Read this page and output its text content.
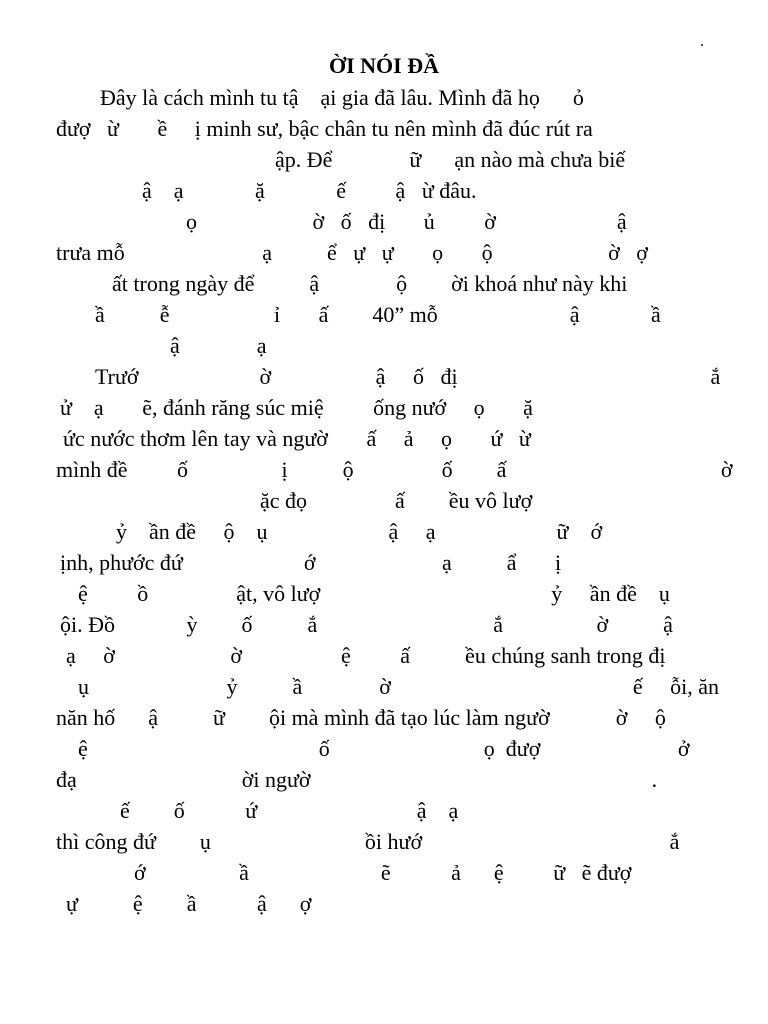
.
ỜI NÓI ĐẦ
Đây là cách mình tu tậ    ại gia đã lâu. Mình đã họ      ỏ
đượ   ừ       ề     ị minh sư, bậc chân tu nên mình đã đúc rút ra
ập. Để              ữ      ạn nào mà chưa biế
ậ    ạ             ặ             ế         ậ   ừ đâu.
ọ                     ờ   ố   đị       ủ         ờ                      ậ
trưa mỗ                         ạ          ể   ự   ự       ọ       ộ                     ờ   ợ
ất trong ngày để          ậ              ộ        ời khoá như này khi
ầ          ễ                   ỉ       ấ        40” mỗ                        ậ             ầ
ậ              ạ
Trướ                      ờ                   ậ     ố   đị                                              ắ
ử    ạ       ẽ, đánh răng súc miệ         ống nướ     ọ       ặ
ức nước thơm lên tay và ngườ       ấ     ả     ọ       ứ   ừ
mình đề         ố                 ị          ộ                ố        ấ                                       ờ
ặc đọ                ấ        ều vô lượ
ỷ    ần đề     ộ    ụ                      ậ     ạ                      ữ    ớ
ịnh, phước đứ                      ớ                       ạ          ẩ       ị
ệ         ồ                ật, vô lượ                                          ỷ     ần đề    ụ
ội. Đồ             ỳ        ố          ắ                                ắ                 ờ          ậ
ạ     ờ                     ờ                  ệ         ấ          ều chúng sanh trong đị
ụ                         ỷ          ầ              ờ                                            ế     ỗi, ăn
năn hố      ậ          ữ        ội mà mình đã tạo lúc làm ngườ            ờ     ộ
ệ                                          ố                            ọ  đượ                         ở
đạ                              ời ngườ                                                              .
ế        ố           ứ                             ậ    ạ
thì công đứ        ụ                            ồi hướ                                             ắ
ớ                 ầ                        ẽ           ả      ệ         ữ   ẽ đượ
ự          ệ        ầ           ậ      ợ
